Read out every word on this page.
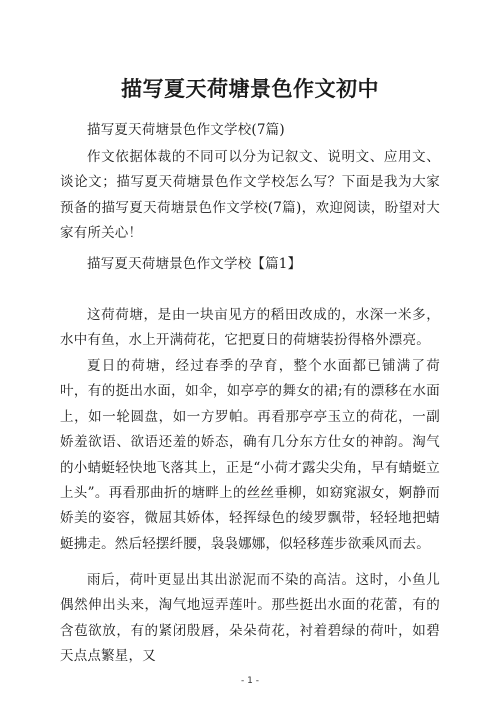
描写夏天荷塘景色作文初中
描写夏天荷塘景色作文学校(7篇)
作文依据体裁的不同可以分为记叙文、说明文、应用文、谈论文；描写夏天荷塘景色作文学校怎么写？下面是我为大家预备的描写夏天荷塘景色作文学校(7篇)，欢迎阅读，盼望对大家有所关心！
描写夏天荷塘景色作文学校【篇1】
这荷荷塘，是由一块亩见方的稻田改成的，水深一米多，水中有鱼，水上开满荷花，它把夏日的荷塘装扮得格外漂亮。
夏日的荷塘，经过春季的孕育，整个水面都已铺满了荷叶，有的挺出水面，如伞，如亭亭的舞女的裙;有的漂移在水面上，如一轮圆盘，如一方罗帕。再看那亭亭玉立的荷花，一副娇羞欲语、欲语还羞的娇态，确有几分东方仕女的神韵。淘气的小蜻蜓轻快地飞落其上，正是“小荷才露尖尖角，早有蜻蜓立上头”。再看那曲折的塘畔上的丝丝垂柳，如窈窕淑女，婀静而娇美的姿容，微屈其娇体，轻挥绿色的绫罗飘带，轻轻地把蜻蜓拂走。然后轻摆纤腰，袅袅娜娜，似轻移莲步欲乘风而去。
雨后，荷叶更显出其出淤泥而不染的高洁。这时，小鱼儿偶然伸出头来，淘气地逗弄莲叶。那些挺出水面的花蕾，有的含苞欲放，有的紧闭殷唇，朵朵荷花，衬着碧绿的荷叶，如碧天点点繁星，又
- 1 -
